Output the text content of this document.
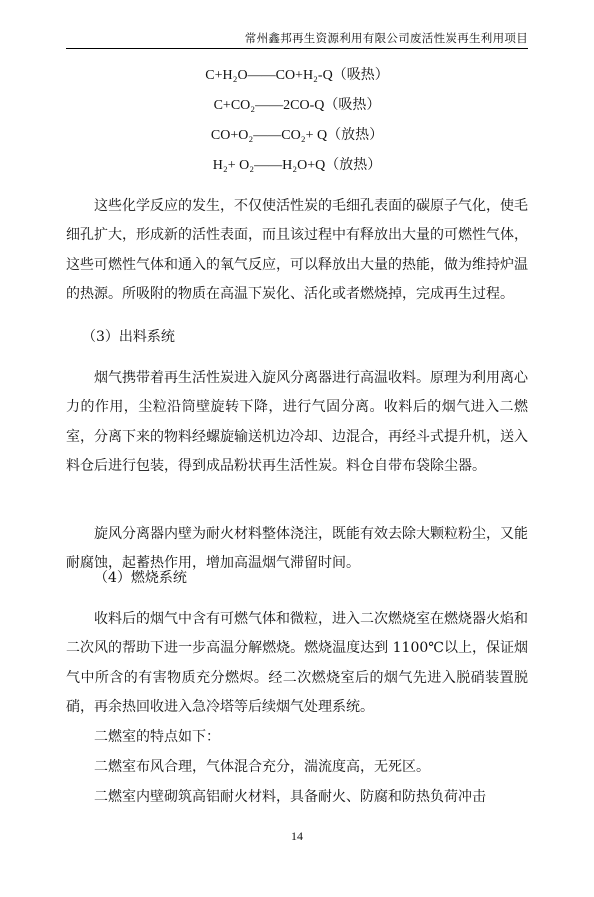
常州鑫邦再生资源利用有限公司废活性炭再生利用项目
C+H₂O——CO+H₂-Q（吸热）
C+CO₂——2CO-Q（吸热）
CO+O₂——CO₂+ Q（放热）
H₂+ O₂——H₂O+Q（放热）

这些化学反应的发生，不仅使活性炭的毛细孔表面的碳原子气化，使毛细孔扩大，形成新的活性表面，而且该过程中有释放出大量的可燃性气体，这些可燃性气体和通入的氧气反应，可以释放出大量的热能，做为维持炉温的热源。所吸附的物质在高温下炭化、活化或者燃烧掉，完成再生过程。

（3）出料系统

烟气携带着再生活性炭进入旋风分离器进行高温收料。原理为利用离心力的作用，尘粒沿筒壁旋转下降，进行气固分离。收料后的烟气进入二燃室，分离下来的物料经螺旋输送机边冷却、边混合，再经斗式提升机，送入料仓后进行包装，得到成品粉状再生活性炭。料仓自带布袋除尘器。

旋风分离器内壁为耐火材料整体浇注，既能有效去除大颗粒粉尘，又能耐腐蚀，起蓄热作用，增加高温烟气滞留时间。

（4）燃烧系统

收料后的烟气中含有可燃气体和微粒，进入二次燃烧室在燃烧器火焰和二次风的帮助下进一步高温分解燃烧。燃烧温度达到 1100℃以上，保证烟气中所含的有害物质充分燃烬。经二次燃烧室后的烟气先进入脱硝装置脱硝，再余热回收进入急冷塔等后续烟气处理系统。

二燃室的特点如下：

二燃室布风合理，气体混合充分，湍流度高，无死区。

二燃室内壁砌筑高铝耐火材料，具备耐火、防腐和防热负荷冲击

14
